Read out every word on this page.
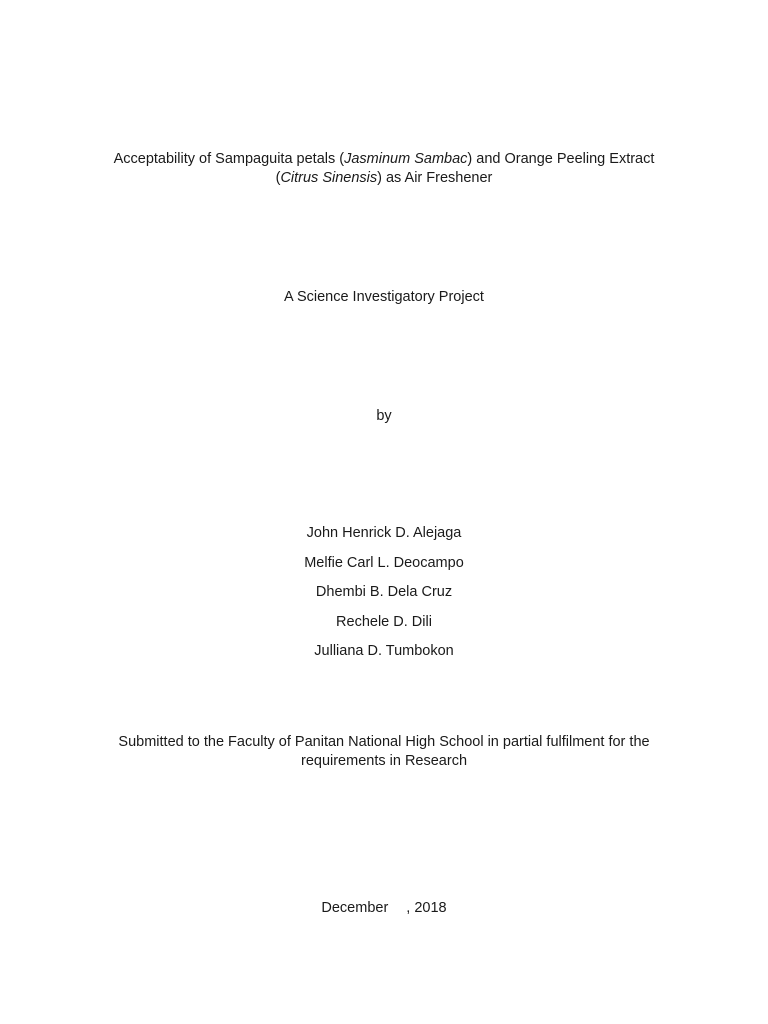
Acceptability of Sampaguita petals (Jasminum Sambac) and Orange Peeling Extract
(Citrus Sinensis) as Air Freshener
A Science Investigatory Project
by
John Henrick D. Alejaga
Melfie Carl L. Deocampo
Dhembi B. Dela Cruz
Rechele D. Dili
Julliana D. Tumbokon
Submitted to the Faculty of Panitan National High School in partial fulfilment for the
requirements in Research
December , 2018
